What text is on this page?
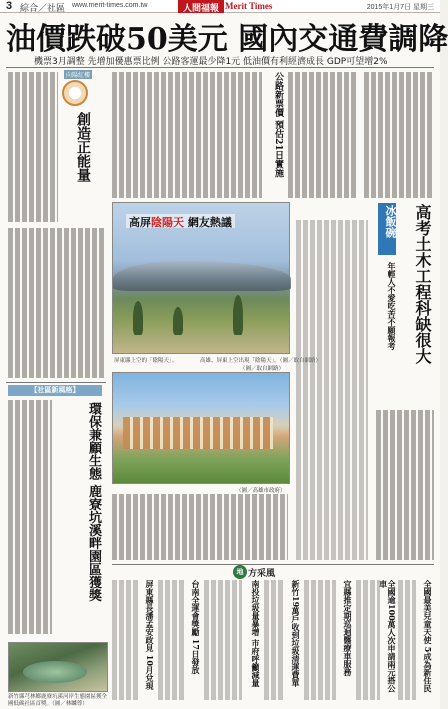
3 綜合／社區 www.merit-times.com.tw	人間福報 Merit Times	2015年1月7日 星期三
油價跌破50美元 國內交通費調降
機票3月調整 先增加優惠票比例 公路客運最少降1元 低油價有利經濟成長 GDP可望增2%
向陽紅樓
創造正能量
【社區新風格】
環保兼顧生態 鹿寮坑溪畔園區獲獎
新竹縣芎林鄉鹿寮坑溪河岸生態園區獲全國低碳社區首獎。（圖／林麟尊）
公路新票價 預估21日實施
高屏陰陽天 網友熱議
屏東縣上空的「陰陽天」。	高雄、屏東上空出現「陰陽天」。（圖／取自網路）
（圖／取自網路）
（圖／高雄市政府）
冰飯碗	高考土木工程科缺很大
年輕人不愛吃苦不願報考
地 方采風
全國最美兒童天使 5成為新住民
全國逾100萬人次申請兩元搭公車
宜縣推定期巡迴醫療車服務
新竹19萬戶收到垃圾清運費單
南投垃圾量暴增 市府呼籲減量
台南全運會獎勵 17日發放
屏東縣長潘孟安政見 10月兌現
